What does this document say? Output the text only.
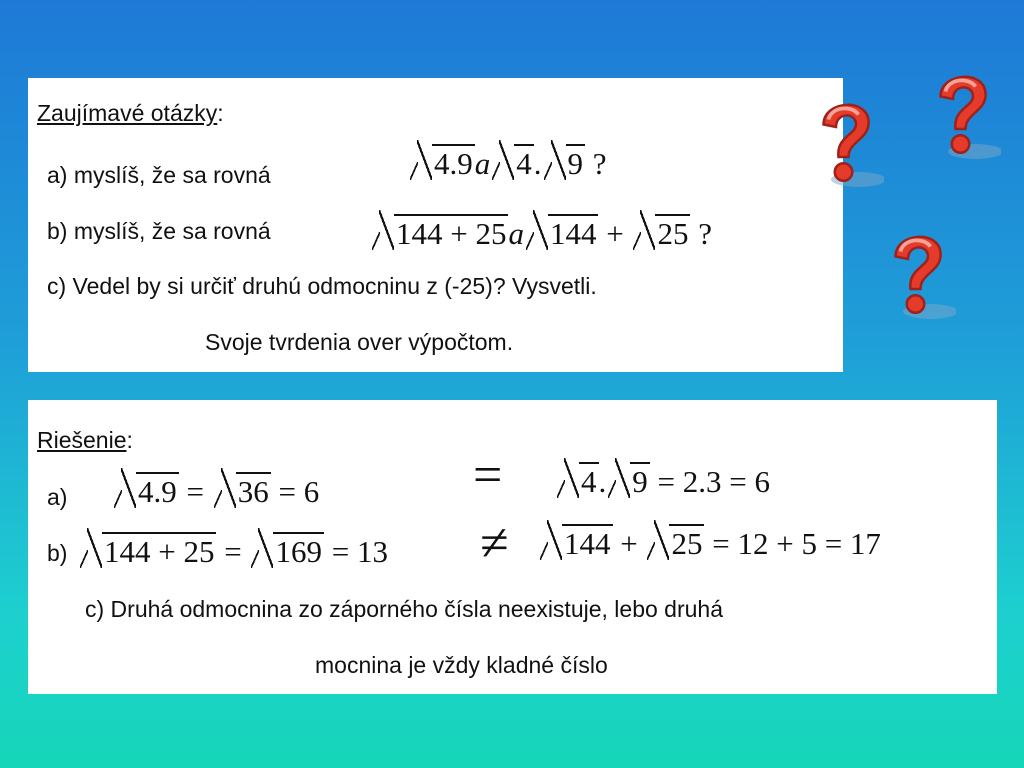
Zaujímavé otázky:
a) myslíš, že sa rovná	4.9a 4. 9 ?
b) myslíš, že sa rovná	144 + 25a 144 + 25 ?
c) Vedel by si určiť druhú odmocninu z (-25)? Vysvetli.
Svoje tvrdenia over výpočtom.
Riešenie:
a)	4.9 = 36 = 6	=	4. 9 = 2.3 = 6
b)	144 + 25 = 169 = 13 ≠	144 + 25 = 12 + 5 = 17
c) Druhá odmocnina zo záporného čísla neexistuje, lebo druhá
mocnina je vždy kladné číslo
